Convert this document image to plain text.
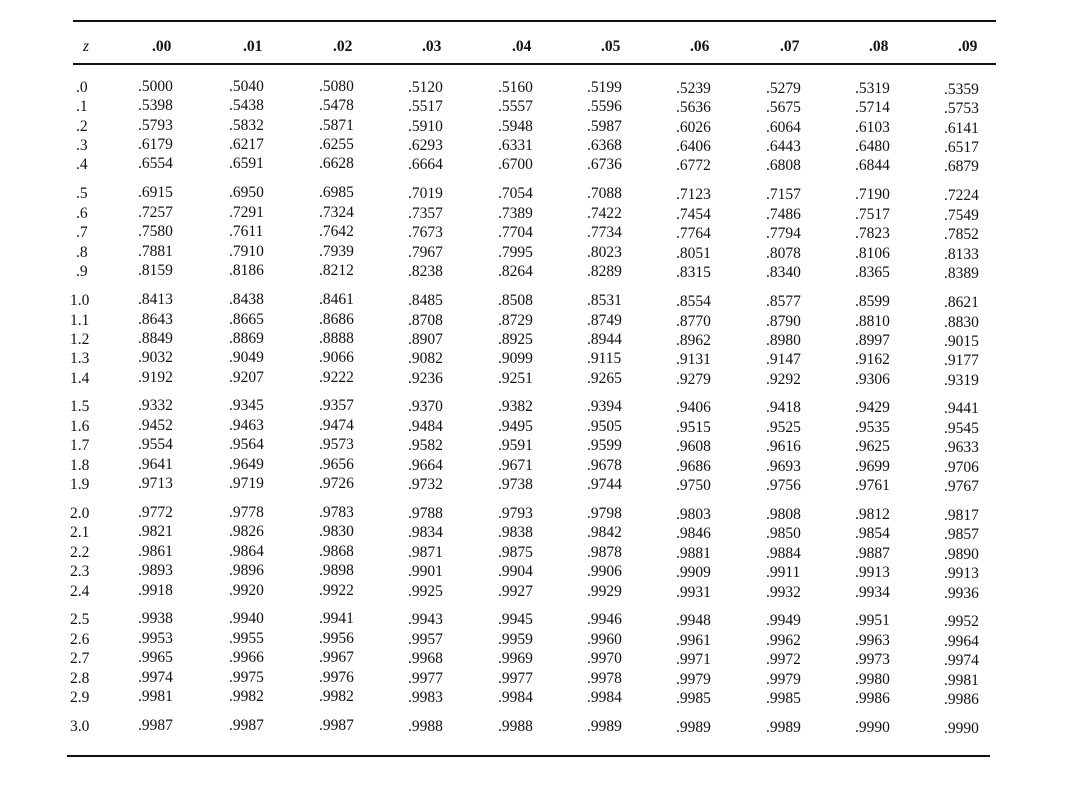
z	.00	.01	.02	.03	.04	.05	.06	.07	.08	.09
.0	.5000	.5040	.5080	.5120	.5160	.5199	.5239	.5279	.5319	.5359
.1	.5398	.5438	.5478	.5517	.5557	.5596	.5636	.5675	.5714	.5753
.2	.5793	.5832	.5871	.5910	.5948	.5987	.6026	.6064	.6103	.6141
.3	.6179	.6217	.6255	.6293	.6331	.6368	.6406	.6443	.6480	.6517
.4	.6554	.6591	.6628	.6664	.6700	.6736	.6772	.6808	.6844	.6879
.5	.6915	.6950	.6985	.7019	.7054	.7088	.7123	.7157	.7190	.7224
.6	.7257	.7291	.7324	.7357	.7389	.7422	.7454	.7486	.7517	.7549
.7	.7580	.7611	.7642	.7673	.7704	.7734	.7764	.7794	.7823	.7852
.8	.7881	.7910	.7939	.7967	.7995	.8023	.8051	.8078	.8106	.8133
.9	.8159	.8186	.8212	.8238	.8264	.8289	.8315	.8340	.8365	.8389
1.0	.8413	.8438	.8461	.8485	.8508	.8531	.8554	.8577	.8599	.8621
1.1	.8643	.8665	.8686	.8708	.8729	.8749	.8770	.8790	.8810	.8830
1.2	.8849	.8869	.8888	.8907	.8925	.8944	.8962	.8980	.8997	.9015
1.3	.9032	.9049	.9066	.9082	.9099	.9115	.9131	.9147	.9162	.9177
1.4	.9192	.9207	.9222	.9236	.9251	.9265	.9279	.9292	.9306	.9319
1.5	.9332	.9345	.9357	.9370	.9382	.9394	.9406	.9418	.9429	.9441
1.6	.9452	.9463	.9474	.9484	.9495	.9505	.9515	.9525	.9535	.9545
1.7	.9554	.9564	.9573	.9582	.9591	.9599	.9608	.9616	.9625	.9633
1.8	.9641	.9649	.9656	.9664	.9671	.9678	.9686	.9693	.9699	.9706
1.9	.9713	.9719	.9726	.9732	.9738	.9744	.9750	.9756	.9761	.9767
2.0	.9772	.9778	.9783	.9788	.9793	.9798	.9803	.9808	.9812	.9817
2.1	.9821	.9826	.9830	.9834	.9838	.9842	.9846	.9850	.9854	.9857
2.2	.9861	.9864	.9868	.9871	.9875	.9878	.9881	.9884	.9887	.9890
2.3	.9893	.9896	.9898	.9901	.9904	.9906	.9909	.9911	.9913	.9913
2.4	.9918	.9920	.9922	.9925	.9927	.9929	.9931	.9932	.9934	.9936
2.5	.9938	.9940	.9941	.9943	.9945	.9946	.9948	.9949	.9951	.9952
2.6	.9953	.9955	.9956	.9957	.9959	.9960	.9961	.9962	.9963	.9964
2.7	.9965	.9966	.9967	.9968	.9969	.9970	.9971	.9972	.9973	.9974
2.8	.9974	.9975	.9976	.9977	.9977	.9978	.9979	.9979	.9980	.9981
2.9	.9981	.9982	.9982	.9983	.9984	.9984	.9985	.9985	.9986	.9986
3.0	.9987	.9987	.9987	.9988	.9988	.9989	.9989	.9989	.9990	.9990
